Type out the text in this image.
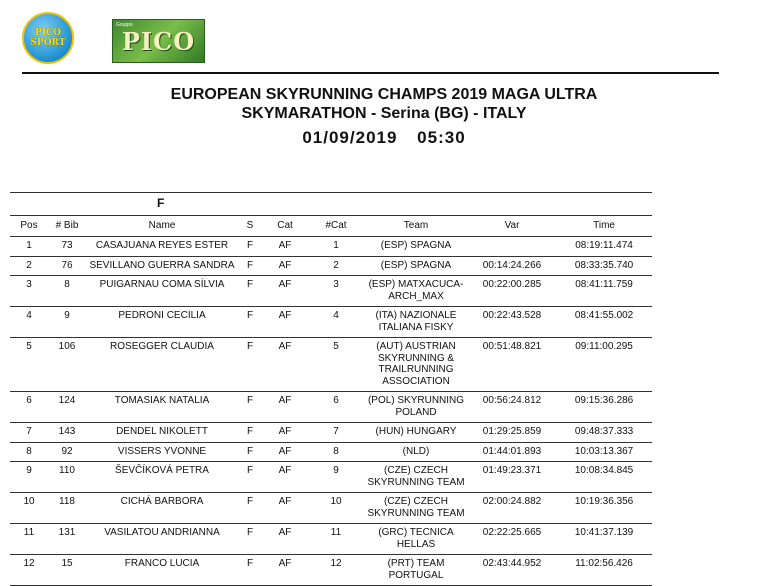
PICO
SPORT
Gruppo
PICO
EUROPEAN SKYRUNNING CHAMPS 2019 MAGA ULTRA
SKYMARATHON - Serina (BG) - ITALY
01/09/2019 05:30
F								
Pos	# Bib	Name	S	Cat	#Cat	Team	Var	Time
1	73	CASAJUANA REYES ESTER	F	AF	1	(ESP) SPAGNA		08:19:11.474
2	76	SEVILLANO GUERRA SANDRA	F	AF	2	(ESP) SPAGNA	00:14:24.266	08:33:35.740
3	8	PUIGARNAU COMA SÍLVIA	F	AF	3	(ESP) MATXACUCA-ARCH_MAX	00:22:00.285	08:41:11.759
4	9	PEDRONI CECILIA	F	AF	4	(ITA) NAZIONALE ITALIANA FISKY	00:22:43.528	08:41:55.002
5	106	ROSEGGER CLAUDIA	F	AF	5	(AUT) AUSTRIAN SKYRUNNING & TRAILRUNNING ASSOCIATION	00:51:48.821	09:11:00.295
6	124	TOMASIAK NATALIA	F	AF	6	(POL) SKYRUNNING POLAND	00:56:24.812	09:15:36.286
7	143	DENDEL NIKOLETT	F	AF	7	(HUN) HUNGARY	01:29:25.859	09:48:37.333
8	92	VISSERS YVONNE	F	AF	8	(NLD)	01:44:01.893	10:03:13.367
9	110	ŠEVČÍKOVÁ PETRA	F	AF	9	(CZE) CZECH SKYRUNNING TEAM	01:49:23.371	10:08:34.845
10	118	CICHÁ BARBORA	F	AF	10	(CZE) CZECH SKYRUNNING TEAM	02:00:24.882	10:19:36.356
11	131	VASILATOU ANDRIANNA	F	AF	11	(GRC) TECNICA HELLAS	02:22:25.665	10:41:37.139
12	15	FRANCO LUCIA	F	AF	12	(PRT) TEAM PORTUGAL	02:43:44.952	11:02:56.426
